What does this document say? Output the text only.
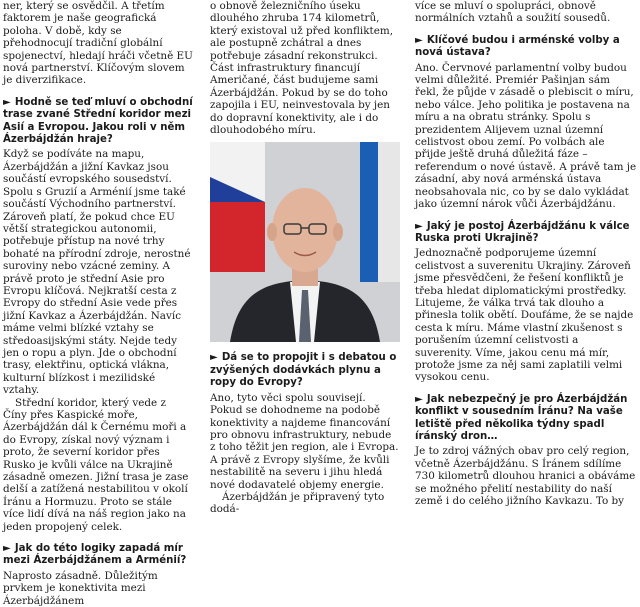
ner, který se osvědčil. A třetím faktorem je naše geografická poloha. V době, kdy se přehodnocují tradiční globální spojenectví, hledají hráči včetně EU nová partnerství. Klíčovým slovem je diverzifikace.

► Hodně se teď mluví o obchodní trase zvané Střední koridor mezi Asií a Evropou. Jakou roli v něm Ázerbájdžán hraje?

Když se podíváte na mapu, Ázerbájdžán a jižní Kavkaz jsou součástí evropského sousedství. Spolu s Gruzií a Arménií jsme také součástí Východního partnerství. Zároveň platí, že pokud chce EU větší strategickou autonomii, potřebuje přístup na nové trhy bohaté na přírodní zdroje, nerostné suroviny nebo vzácné zeminy. A právě proto je střední Asie pro Evropu klíčová. Nejkratší cesta z Evropy do střední Asie vede přes jižní Kavkaz a Ázerbájdžán. Navíc máme velmi blízké vztahy se středoasijskými státy. Nejde tedy jen o ropu a plyn. Jde o obchodní trasy, elektřinu, optická vlákna, kulturní blízkost i mezilidské vztahy.

Střední koridor, který vede z Číny přes Kaspické moře, Ázerbájdžán dál k Černému moři a do Evropy, získal nový význam i proto, že severní koridor přes Rusko je kvůli válce na Ukrajině zásadně omezen. Jižní trasa je zase delší a zatížená nestabilitou v okolí Íránu a Hormuzu. Proto se stále více lidí dívá na náš region jako na jeden propojený celek.

► Jak do této logiky zapadá mír mezi Ázerbájdžánem a Arménií?

Naprosto zásadně. Důležitým prvkem je konektivita mezi Ázerbájdžánem

o obnově železničního úseku dlouhého zhruba 174 kilometrů, který existoval už před konfliktem, ale postupně zchátral a dnes potřebuje zásadní rekonstrukci. Část infrastruktury financují Američané, část budujeme sami Ázerbájdžán. Pokud by se do toho zapojila i EU, neinvestovala by jen do dopravní konektivity, ale i do dlouhodobého míru.

► Dá se to propojit i s debatou o zvýšených dodávkách plynu a ropy do Evropy?

Ano, tyto věci spolu souvisejí. Pokud se dohodneme na podobě konektivity a najdeme financování pro obnovu infrastruktury, nebude z toho těžit jen region, ale i Evropa. A právě z Evropy slyšíme, že kvůli nestabilitě na severu i jihu hledá nové dodavatelé objemy energie.

Ázerbájdžán je připravený tyto dodá-

více se mluví o spolupráci, obnově normálních vztahů a soužití sousedů.

► Klíčové budou i arménské volby a nová ústava?

Ano. Červnové parlamentní volby budou velmi důležité. Premiér Pašinjan sám řekl, že půjde v zásadě o plebiscit o míru, nebo válce. Jeho politika je postavena na míru a na obratu stránky. Spolu s prezidentem Alijevem uznal územní celistvost obou zemí. Po volbách ale přijde ještě druhá důležitá fáze – referendum o nové ústavě. A právě tam je zásadní, aby nová arménská ústava neobsahovala nic, co by se dalo vykládat jako územní nárok vůči Ázerbájdžánu.

► Jaký je postoj Ázerbájdžánu k válce Ruska proti Ukrajině?

Jednoznačně podporujeme územní celistvost a suverenitu Ukrajiny. Zároveň jsme přesvědčeni, že řešení konfliktů je třeba hledat diplomatickými prostředky. Litujeme, že válka trvá tak dlouho a přinesla tolik obětí. Doufáme, že se najde cesta k míru. Máme vlastní zkušenost s porušením územní celistvosti a suverenity. Víme, jakou cenu má mír, protože jsme za něj sami zaplatili velmi vysokou cenu.

► Jak nebezpečný je pro Ázerbájdžán konflikt v sousedním Íránu? Na vaše letiště před několika týdny spadl íránský dron…

Je to zdroj vážných obav pro celý region, včetně Ázerbájdžánu. S Íránem sdílíme 730 kilometrů dlouhou hranici a obáváme se možného přelití nestability do naší země i do celého jižního Kavkazu. To by
